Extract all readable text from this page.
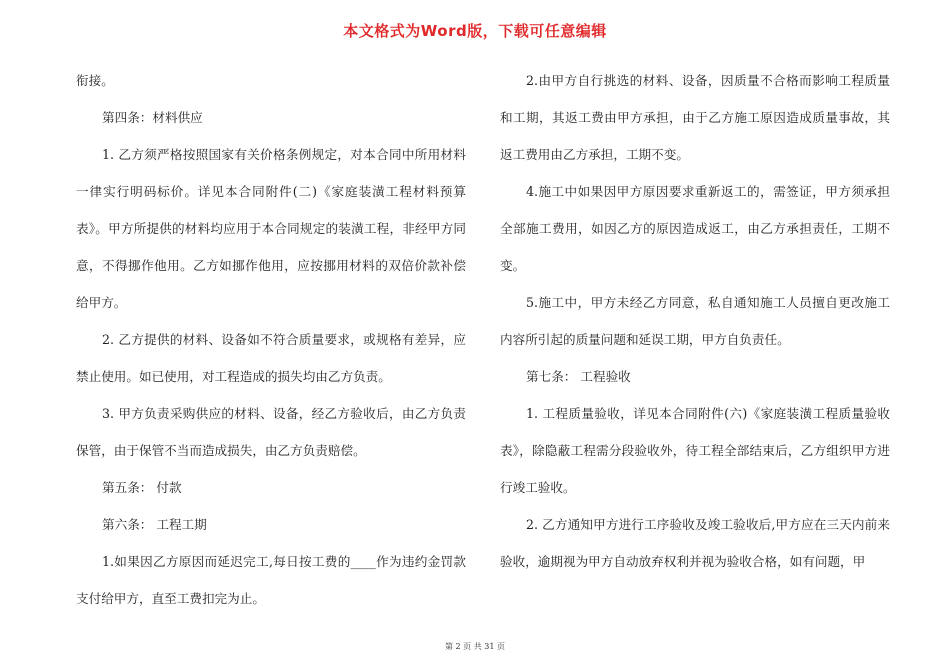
本文格式为Word版，下载可任意编辑

衔接。

第四条：材料供应

1. 乙方须严格按照国家有关价格条例规定，对本合同中所用材料一律实行明码标价。详见本合同附件(二)《家庭装潢工程材料预算表》。甲方所提供的材料均应用于本合同规定的装潢工程，非经甲方同意，不得挪作他用。乙方如挪作他用，应按挪用材料的双倍价款补偿给甲方。

2. 乙方提供的材料、设备如不符合质量要求，或规格有差异，应禁止使用。如已使用，对工程造成的损失均由乙方负责。

3. 甲方负责采购供应的材料、设备，经乙方验收后，由乙方负责保管，由于保管不当而造成损失，由乙方负责赔偿。

第五条： 付款

第六条： 工程工期

1.如果因乙方原因而延迟完工,每日按工费的____作为违约金罚款支付给甲方，直至工费扣完为止。

2.由甲方自行挑选的材料、设备，因质量不合格而影响工程质量和工期，其返工费由甲方承担，由于乙方施工原因造成质量事故，其返工费用由乙方承担，工期不变。

4.施工中如果因甲方原因要求重新返工的，需签证，甲方须承担全部施工费用，如因乙方的原因造成返工，由乙方承担责任，工期不变。

5.施工中，甲方未经乙方同意，私自通知施工人员擅自更改施工内容所引起的质量问题和延误工期，甲方自负责任。

第七条： 工程验收

1. 工程质量验收，详见本合同附件(六)《家庭装潢工程质量验收表》，除隐蔽工程需分段验收外，待工程全部结束后，乙方组织甲方进行竣工验收。

2. 乙方通知甲方进行工序验收及竣工验收后,甲方应在三天内前来验收，逾期视为甲方自动放弃权利并视为验收合格，如有问题，甲

第 2 页 共 31 页
